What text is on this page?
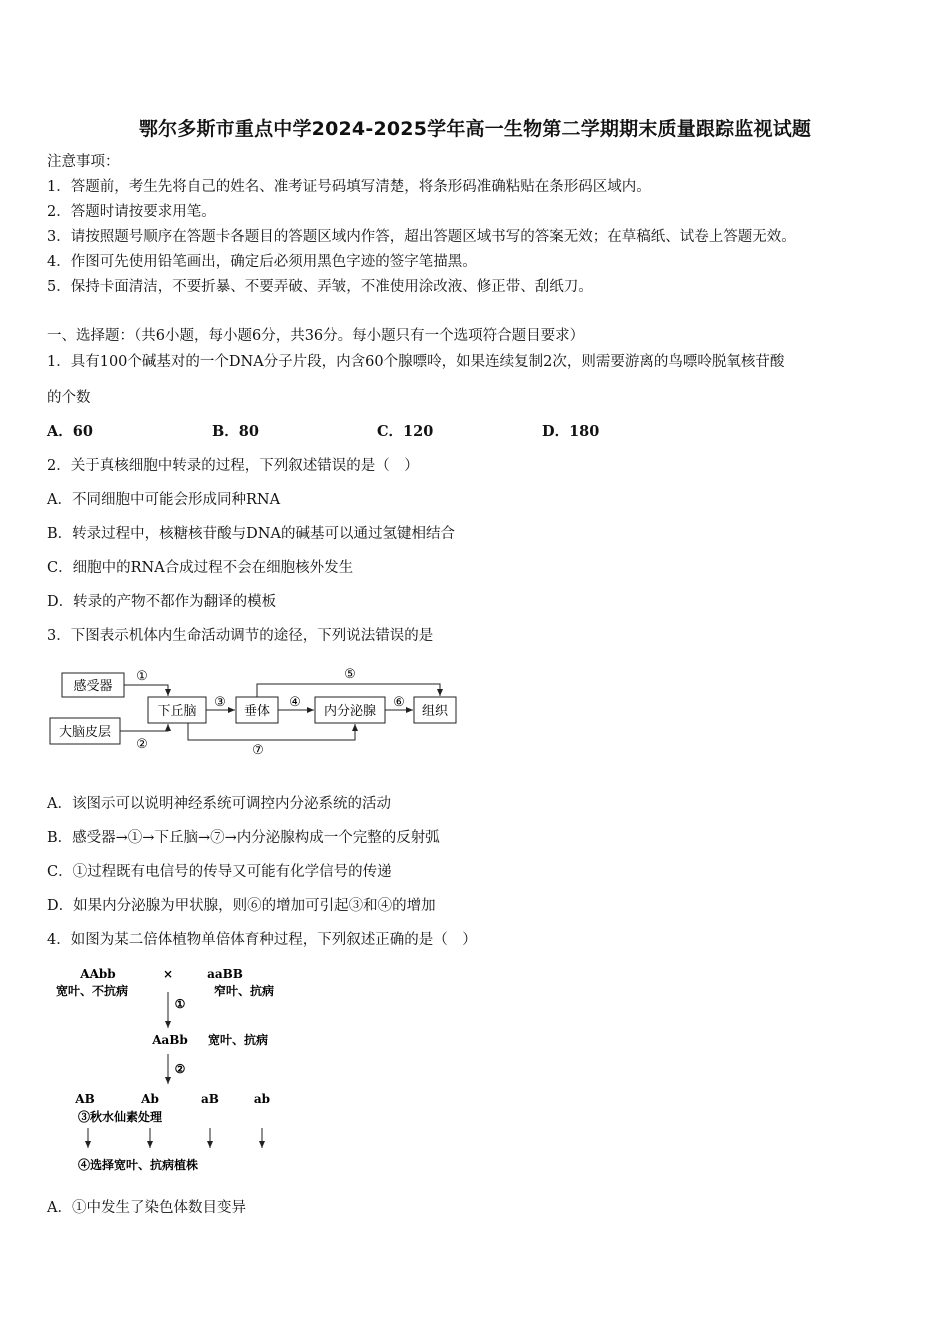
鄂尔多斯市重点中学2024-2025学年高一生物第二学期期末质量跟踪监视试题
注意事项：
1．答题前，考生先将自己的姓名、准考证号码填写清楚，将条形码准确粘贴在条形码区域内。
2．答题时请按要求用笔。
3．请按照题号顺序在答题卡各题目的答题区域内作答，超出答题区域书写的答案无效；在草稿纸、试卷上答题无效。
4．作图可先使用铅笔画出，确定后必须用黑色字迹的签字笔描黑。
5．保持卡面清洁，不要折暴、不要弄破、弄皱，不准使用涂改液、修正带、刮纸刀。
一、选择题：（共6小题，每小题6分，共36分。每小题只有一个选项符合题目要求）
1．具有100个碱基对的一个DNA分子片段，内含60个腺嘌呤，如果连续复制2次，则需要游离的鸟嘌呤脱氧核苷酸
的个数
A．60	B．80	C．120	D．180
2．关于真核细胞中转录的过程，下列叙述错误的是（　）
A．不同细胞中可能会形成同种RNA
B．转录过程中，核糖核苷酸与DNA的碱基可以通过氢键相结合
C．细胞中的RNA合成过程不会在细胞核外发生
D．转录的产物不都作为翻译的模板
3．下图表示机体内生命活动调节的途径，下列说法错误的是
感受器
大脑皮层
下丘脑	垂体	内分泌腺	组织
①
②
③	④
⑤
⑥
⑦
A．该图示可以说明神经系统可调控内分泌系统的活动
B．感受器→①→下丘脑→⑦→内分泌腺构成一个完整的反射弧
C．①过程既有电信号的传导又可能有化学信号的传递
D．如果内分泌腺为甲状腺，则⑥的增加可引起③和④的增加
4．如图为某二倍体植物单倍体育种过程，下列叙述正确的是（　）
AAbb
宽叶、不抗病
×	aaBB
窄叶、抗病
①
AaBb 宽叶、抗病
②
AB	Ab	aB	ab
③秋水仙素处理
④选择宽叶、抗病植株
A．①中发生了染色体数目变异
